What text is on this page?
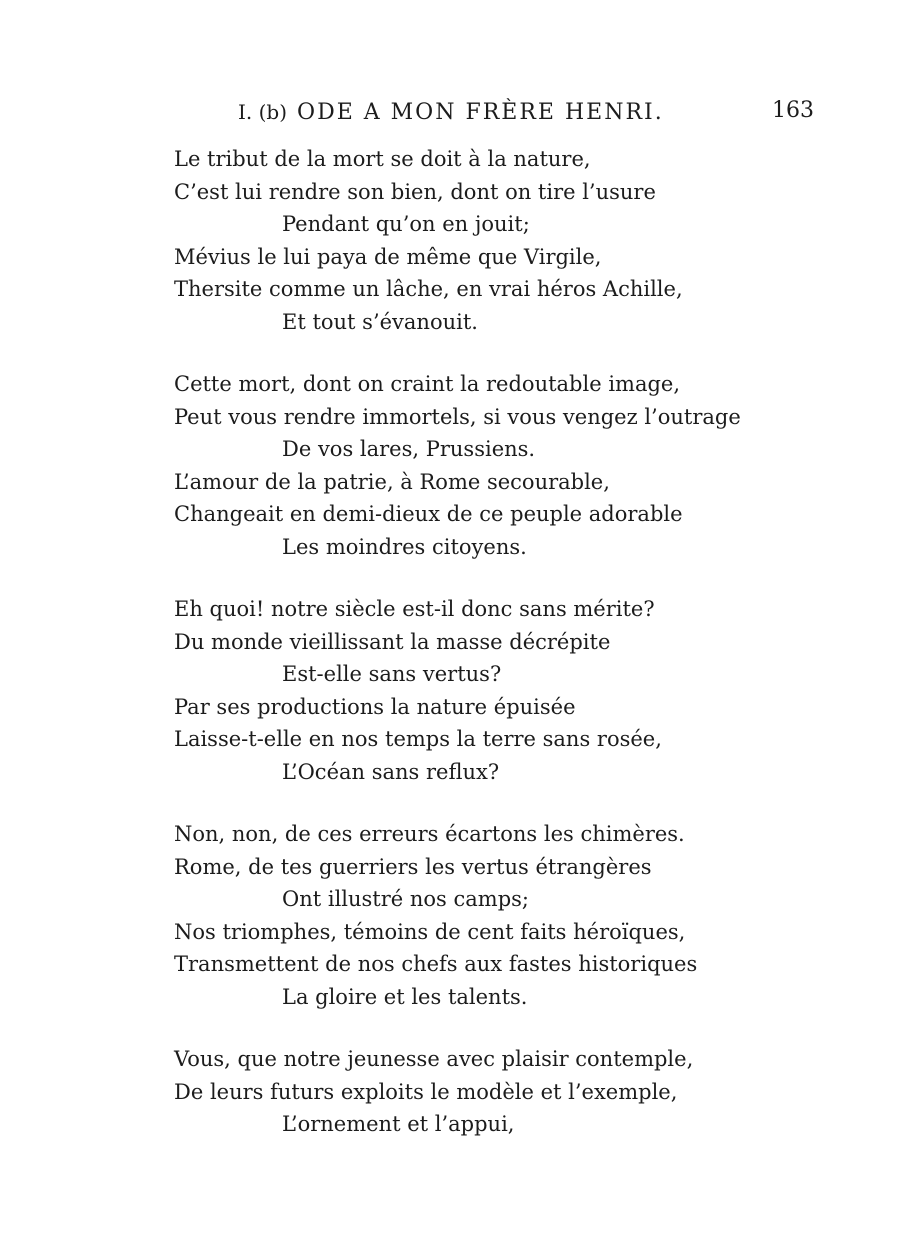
I. (b) ODE A MON FRÈRE HENRI.	163
Le tribut de la mort se doit à la nature,
C’est lui rendre son bien, dont on tire l’usure
Pendant qu’on en jouit;
Mévius le lui paya de même que Virgile,
Thersite comme un lâche, en vrai héros Achille,
Et tout s’évanouit.
Cette mort, dont on craint la redoutable image,
Peut vous rendre immortels, si vous vengez l’outrage
De vos lares, Prussiens.
L’amour de la patrie, à Rome secourable,
Changeait en demi-dieux de ce peuple adorable
Les moindres citoyens.
Eh quoi! notre siècle est-il donc sans mérite?
Du monde vieillissant la masse décrépite
Est-elle sans vertus?
Par ses productions la nature épuisée
Laisse-t-elle en nos temps la terre sans rosée,
L’Océan sans reflux?
Non, non, de ces erreurs écartons les chimères.
Rome, de tes guerriers les vertus étrangères
Ont illustré nos camps;
Nos triomphes, témoins de cent faits héroïques,
Transmettent de nos chefs aux fastes historiques
La gloire et les talents.
Vous, que notre jeunesse avec plaisir contemple,
De leurs futurs exploits le modèle et l’exemple,
L’ornement et l’appui,
